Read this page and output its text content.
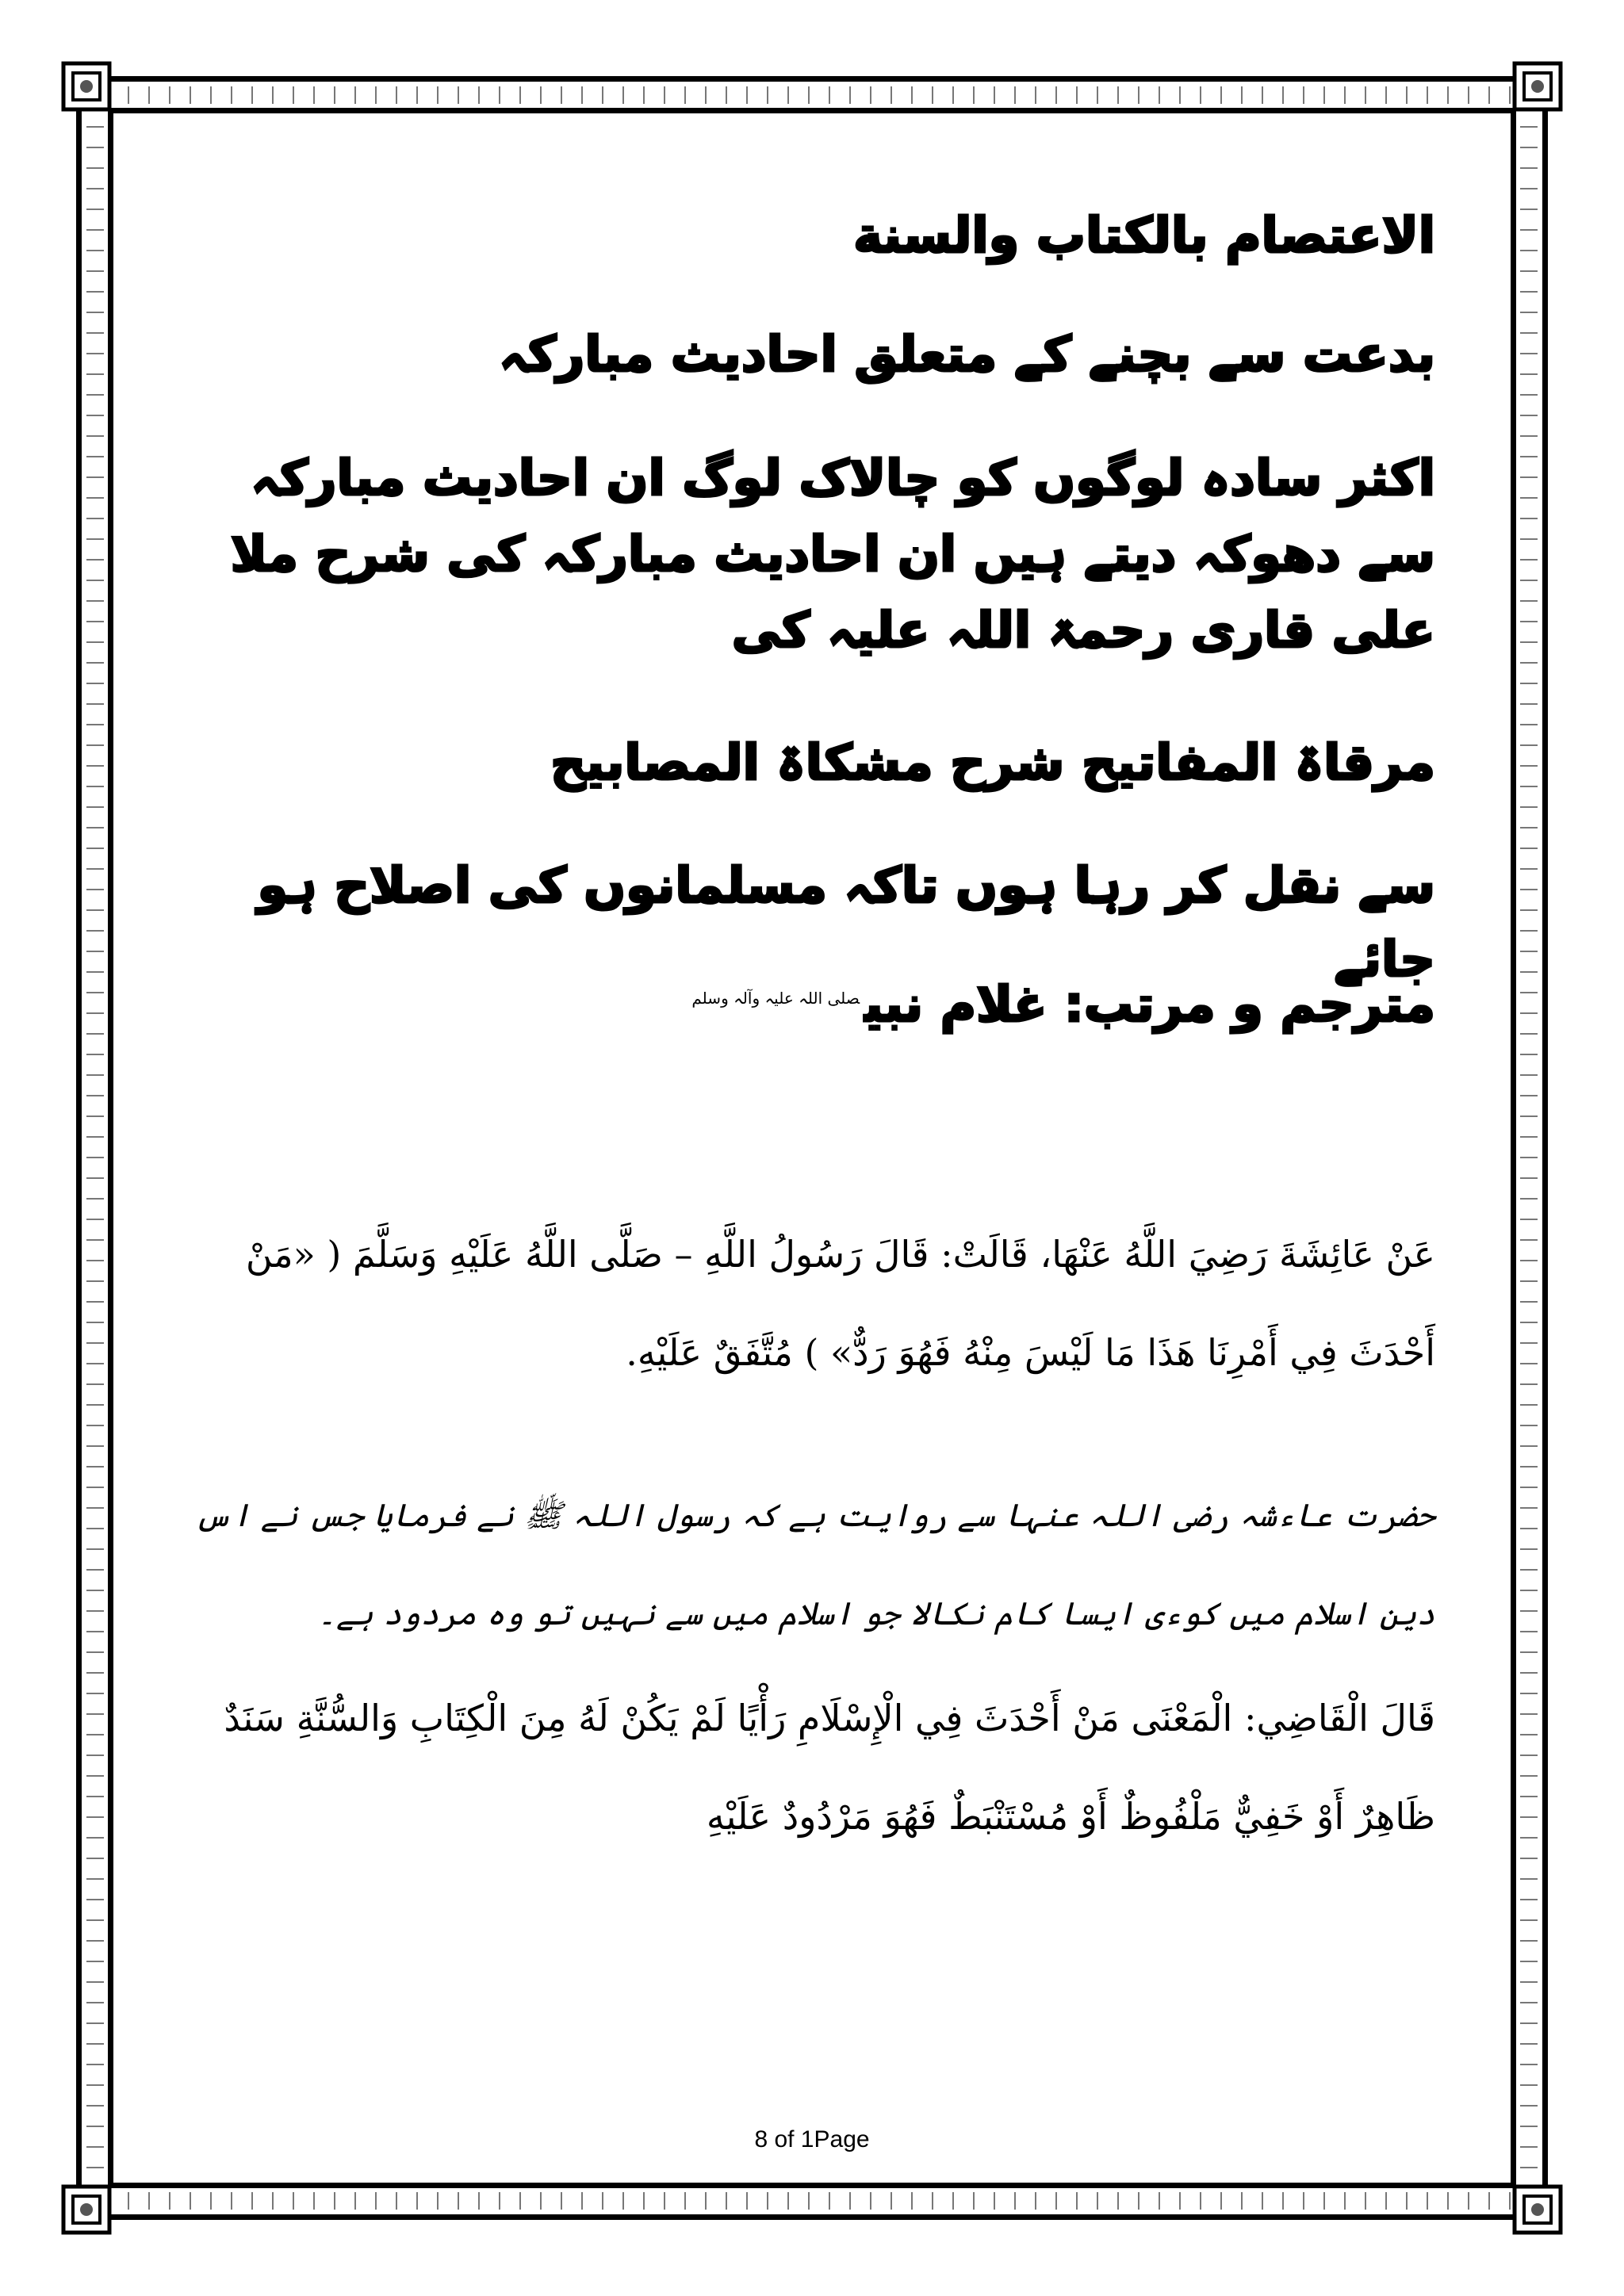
الاعتصام بالکتاب والسنة
بدعت سے بچنے کے متعلق احادیث مبارکہ

اکثر سادہ لوگوں کو چالاک لوگ ان احادیث مبارکہ سے دھوکہ دیتے ہیں ان احادیث مبارکہ کی شرح ملا علی قاری رحمۃ اللہ علیہ کی

مرقاۃ المفاتیح شرح مشکاۃ المصابیح

سے نقل کر رہا ہوں تاکہ مسلمانوں کی اصلاح ہو جائے

مترجم و مرتب: غلام نبی$^{صلی اللہ علیہ وآلہ وسلم}$

عَنْ عَائِشَةَ رَضِيَ اللَّهُ عَنْهَا، قَالَتْ: قَالَ رَسُولُ اللَّهِ – صَلَّى اللَّهُ عَلَيْهِ وَسَلَّمَ ( «مَنْ أَحْدَثَ فِي أَمْرِنَا هَذَا مَا لَيْسَ مِنْهُ فَهُوَ رَدٌّ» ) مُتَّفَقٌ عَلَيْهِ.

حضرت عاءشہ رضی اللہ عنہا سے روایت ہے کہ رسول اللہ ﷺ نے فرمایا جس نے اس دین اسلام میں کوءی ایسا کام نکالا جو اسلام میں سے نہیں تو وہ مردود ہے۔

قَالَ الْقَاضِي: الْمَعْنَى مَنْ أَحْدَثَ فِي الْإِسْلَامِ رَأْيًا لَمْ يَكُنْ لَهُ مِنَ الْكِتَابِ وَالسُّنَّةِ سَنَدٌ ظَاهِرٌ أَوْ خَفِيٌّ مَلْفُوظٌ أَوْ مُسْتَنْبَطٌ فَهُوَ مَرْدُودٌ عَلَيْهِ

8 of 1Page
